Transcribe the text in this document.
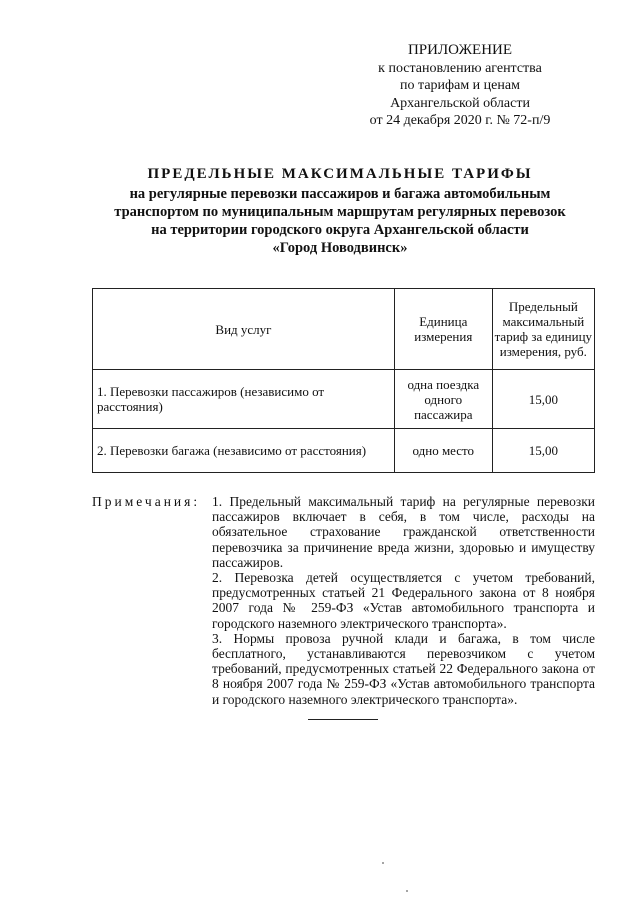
ПРИЛОЖЕНИЕ
к постановлению агентства
по тарифам и ценам
Архангельской области
от 24 декабря 2020 г. № 72-п/9
ПРЕДЕЛЬНЫЕ МАКСИМАЛЬНЫЕ ТАРИФЫ
на регулярные перевозки пассажиров и багажа автомобильным
транспортом по муниципальным маршрутам регулярных перевозок
на территории городского округа Архангельской области
«Город Новодвинск»
Вид услуг	Единица измерения	Предельный максимальный тариф за единицу измерения, руб.
1. Перевозки пассажиров (независимо от расстояния)	одна поездка одного пассажира	15,00
2. Перевозки багажа (независимо от расстояния)	одно место	15,00
Примечания: 1. Предельный максимальный тариф на регулярные перевозки пассажиров включает в себя, в том числе, расходы на обязательное страхование гражданской ответственности перевозчика за причинение вреда жизни, здоровью и имуществу пассажиров.

2. Перевозка детей осуществляется с учетом требований, предусмотренных статьей 21 Федерального закона от 8 ноября 2007 года № 259-ФЗ «Устав автомобильного транспорта и городского наземного электрического транспорта».

3. Нормы провоза ручной клади и багажа, в том числе бесплатного, устанавливаются перевозчиком с учетом требований, предусмотренных статьей 22 Федерального закона от 8 ноября 2007 года № 259-ФЗ «Устав автомобильного транспорта и городского наземного электрического транспорта».
